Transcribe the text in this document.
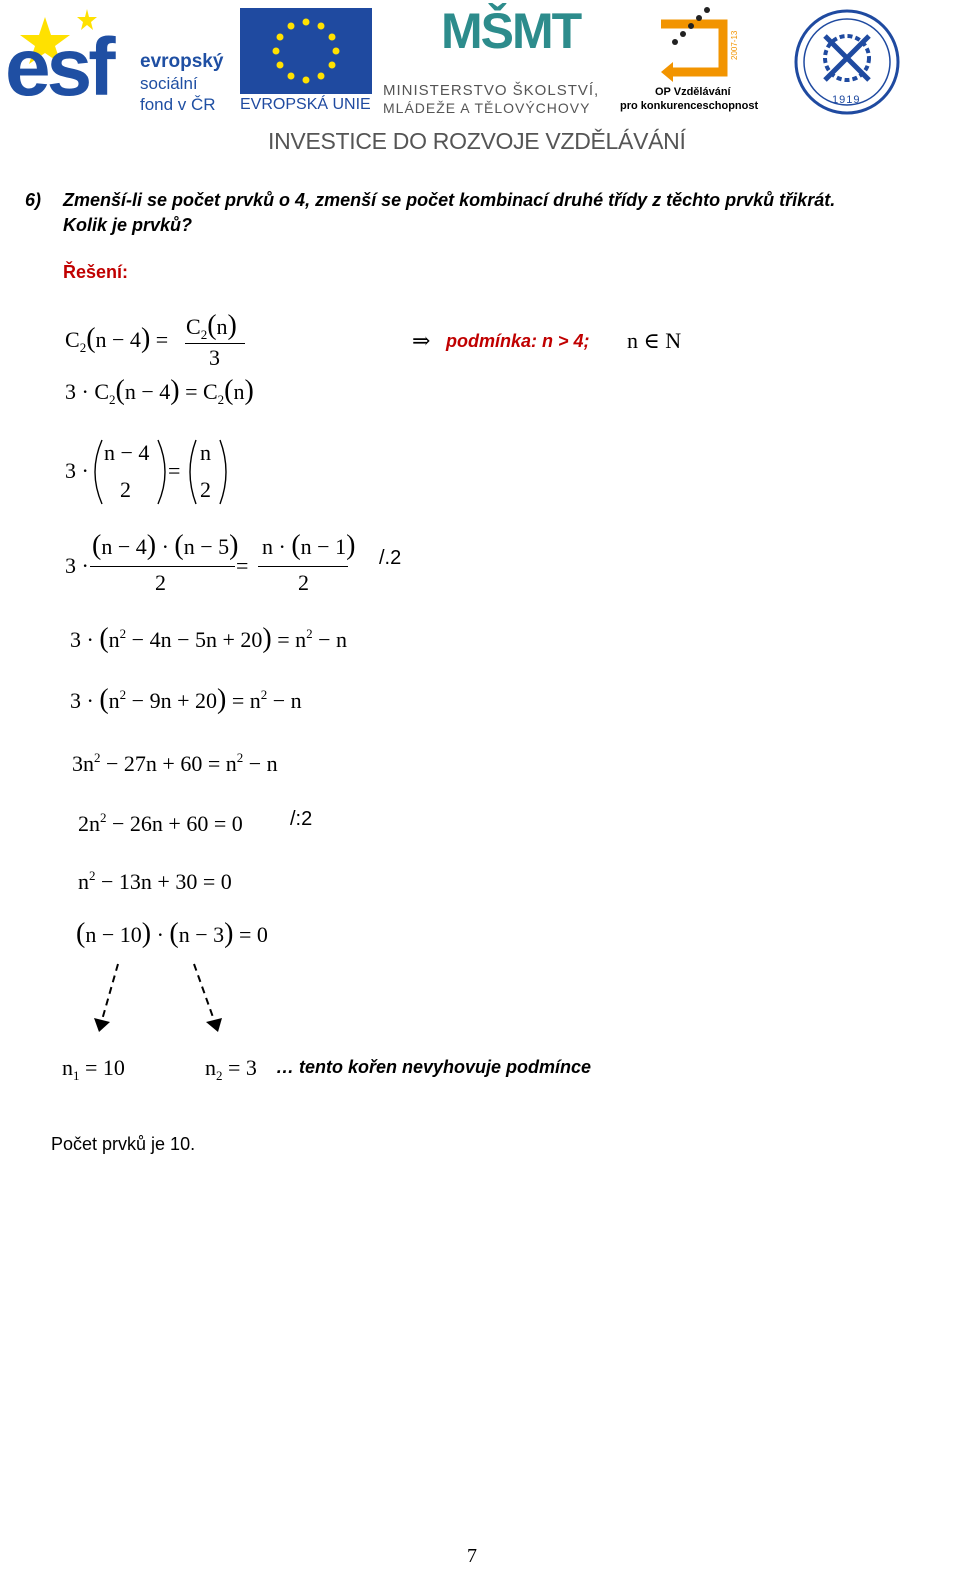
esf evropský
sociální
fond v ČR EVROPSKÁ UNIE
MŠMT
MINISTERSTVO ŠKOLSTVÍ,
MLÁDEŽE A TĚLOVÝCHOVY
2007-13
OP Vzdělávání
pro konkurenceschopnost	1919
INVESTICE DO ROZVOJE VZDĚLÁVÁNÍ
6) Zmenší-li se počet prvků o 4, zmenší se počet kombinací druhé třídy z těchto prvků třikrát.
Kolik je prvků?
Řešení:
$C_2(n - 4)$ =
$C_2(n)$
3
⇒ podmínka: n > 4; n ∈ N
$3 \cdot C_2(n - 4) = C_2(n)$
3 ·
n − 4
2
=
n
2
3 ·
(n − 4) · (n − 5)
2
=
n · (n − 1)
2
/.2
$3 \cdot (n^2 - 4n - 5n + 20) = n^2 - n$
$3 \cdot (n^2 - 9n + 20) = n^2 - n$
$3n^2 - 27n + 60 = n^2 - n$
$2n^2 - 26n + 60 = 0$ /:2
$n^2 - 13n + 30 = 0$
(n − 10) · (n − 3) = 0
$n_1 = 10$	$n_2 = 3$ … tento kořen nevyhovuje podmínce
Počet prvků je 10.
7
